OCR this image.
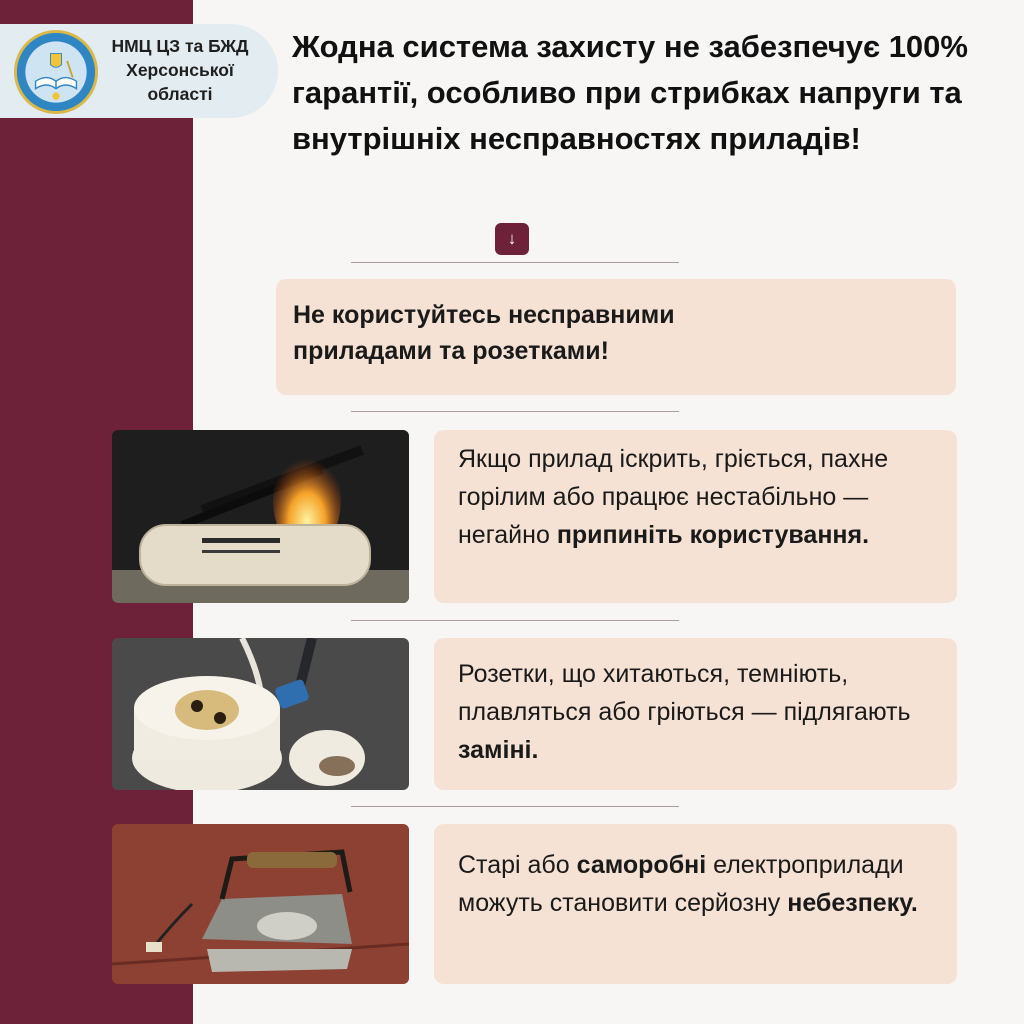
НМЦ ЦЗ та БЖД
Херсонської
області
Жодна система захисту не забезпечує 100% гарантії, особливо при стрибках напруги та внутрішніх несправностях приладів!
↓
Не користуйтесь несправними
приладами та розетками!
Якщо прилад іскрить, гріється, пахне горілим або працює нестабільно — негайно припиніть користування.
Розетки, що хитаються, темніють, плавляться або гріються — підлягають заміні.
Старі або саморобні електроприлади можуть становити серйозну небезпеку.
